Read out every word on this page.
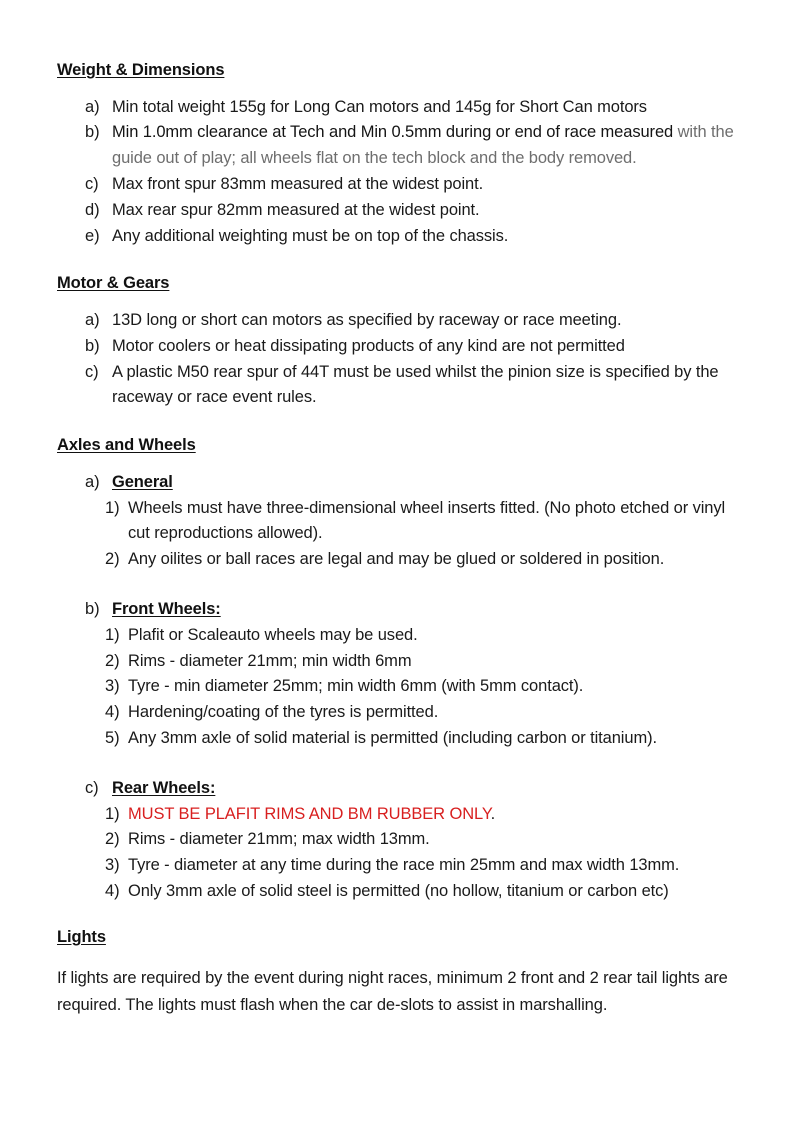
Weight & Dimensions
a) Min total weight 155g for Long Can motors and 145g for Short Can motors
b) Min 1.0mm clearance at Tech and Min 0.5mm during or end of race measured with the guide out of play; all wheels flat on the tech block and the body removed.
c) Max front spur 83mm measured at the widest point.
d) Max rear spur 82mm measured at the widest point.
e) Any additional weighting must be on top of the chassis.
Motor & Gears
a) 13D long or short can motors as specified by raceway or race meeting.
b) Motor coolers or heat dissipating products of any kind are not permitted
c) A plastic M50 rear spur of 44T must be used whilst the pinion size is specified by the raceway or race event rules.
Axles and Wheels
a) General
1) Wheels must have three-dimensional wheel inserts fitted. (No photo etched or vinyl cut reproductions allowed).
2) Any oilites or ball races are legal and may be glued or soldered in position.
b) Front Wheels:
1) Plafit or Scaleauto wheels may be used.
2) Rims - diameter 21mm; min width 6mm
3) Tyre - min diameter 25mm; min width 6mm (with 5mm contact).
4) Hardening/coating of the tyres is permitted.
5) Any 3mm axle of solid material is permitted (including carbon or titanium).
c) Rear Wheels:
1) MUST BE PLAFIT RIMS AND BM RUBBER ONLY.
2) Rims - diameter 21mm; max width 13mm.
3) Tyre - diameter at any time during the race min 25mm and max width 13mm.
4) Only 3mm axle of solid steel is permitted (no hollow, titanium or carbon etc)
Lights

If lights are required by the event during night races, minimum 2 front and 2 rear tail lights are required. The lights must flash when the car de-slots to assist in marshalling.
